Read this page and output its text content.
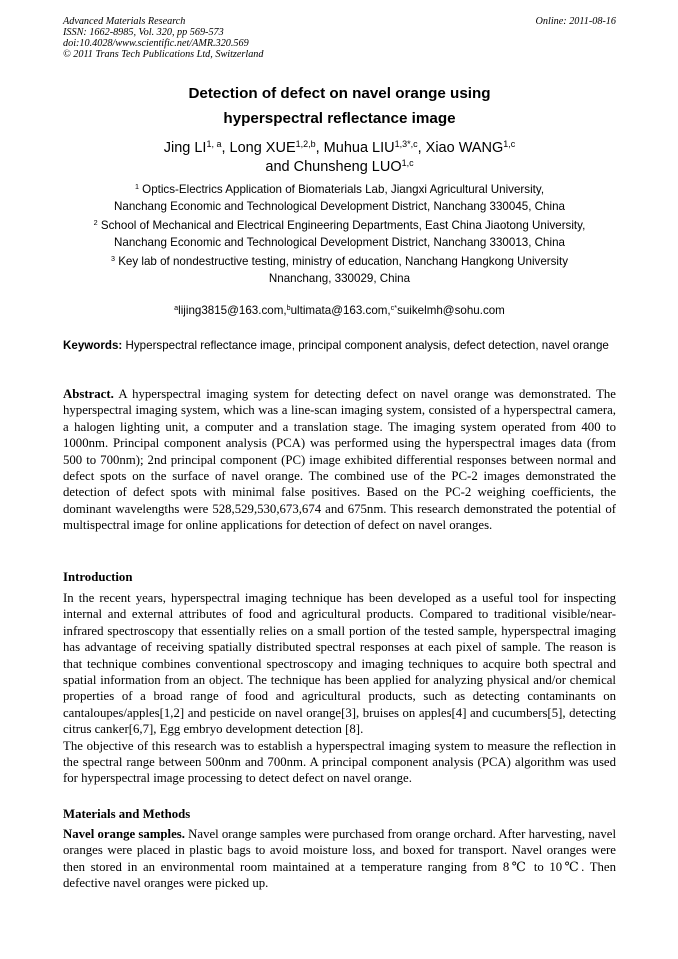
Advanced Materials Research
ISSN: 1662-8985, Vol. 320, pp 569-573
doi:10.4028/www.scientific.net/AMR.320.569
© 2011 Trans Tech Publications Ltd, Switzerland
Online: 2011-08-16
Detection of defect on navel orange using
hyperspectral reflectance image
Jing LI$^{1, a}$, Long XUE$^{1,2,b}$, Muhua $LIU^{1,3*,c}$, Xiao WANG$^{1,c}$
and Chunsheng LUO$^{1,c}$
$^1$ Optics-Electrics Application of Biomaterials Lab, Jiangxi Agricultural University,
Nanchang Economic and Technological Development District, Nanchang 330045, China
$^2$ School of Mechanical and Electrical Engineering Departments, East China Jiaotong University,
Nanchang Economic and Technological Development District, Nanchang 330013, China
$^3$ Key lab of nondestructive testing, ministry of education, Nanchang Hangkong University
Nnanchang, 330029, China
$^a$lijing3815@163.com,$^b$ultimata@163.com,$^{c*}$suikelmh@sohu.com
Keywords: Hyperspectral reflectance image, principal component analysis, defect detection, navel orange
Abstract. A hyperspectral imaging system for detecting defect on navel orange was demonstrated. The hyperspectral imaging system, which was a line-scan imaging system, consisted of a hyperspectral camera, a halogen lighting unit, a computer and a translation stage. The imaging system operated from 400 to 1000nm. Principal component analysis (PCA) was performed using the hyperspectral images data (from 500 to 700nm); 2nd principal component (PC) image exhibited differential responses between normal and defect spots on the surface of navel orange. The combined use of the PC-2 images demonstrated the detection of defect spots with minimal false positives. Based on the PC-2 weighing coefficients, the dominant wavelengths were 528,529,530,673,674 and 675nm. This research demonstrated the potential of multispectral image for online applications for detection of defect on navel oranges.
Introduction
In the recent years, hyperspectral imaging technique has been developed as a useful tool for inspecting internal and external attributes of food and agricultural products. Compared to traditional visible/near-infrared spectroscopy that essentially relies on a small portion of the tested sample, hyperspectral imaging has advantage of receiving spatially distributed spectral responses at each pixel of sample. The reason is that technique combines conventional spectroscopy and imaging techniques to acquire both spectral and spatial information from an object. The technique has been applied for analyzing physical and/or chemical properties of a broad range of food and agricultural products, such as detecting contaminants on cantaloupes/apples[1,2] and pesticide on navel orange[3], bruises on apples[4] and cucumbers[5], detecting citrus canker[6,7], Egg embryo development detection [8].
The objective of this research was to establish a hyperspectral imaging system to measure the reflection in the spectral range between 500nm and 700nm. A principal component analysis (PCA) algorithm was used for hyperspectral image processing to detect defect on navel orange.
Materials and Methods
Navel orange samples. Navel orange samples were purchased from orange orchard. After harvesting, navel oranges were placed in plastic bags to avoid moisture loss, and boxed for transport. Navel oranges were then stored in an environmental room maintained at a temperature ranging from 8℃ to 10℃. Then defective navel oranges were picked up.
